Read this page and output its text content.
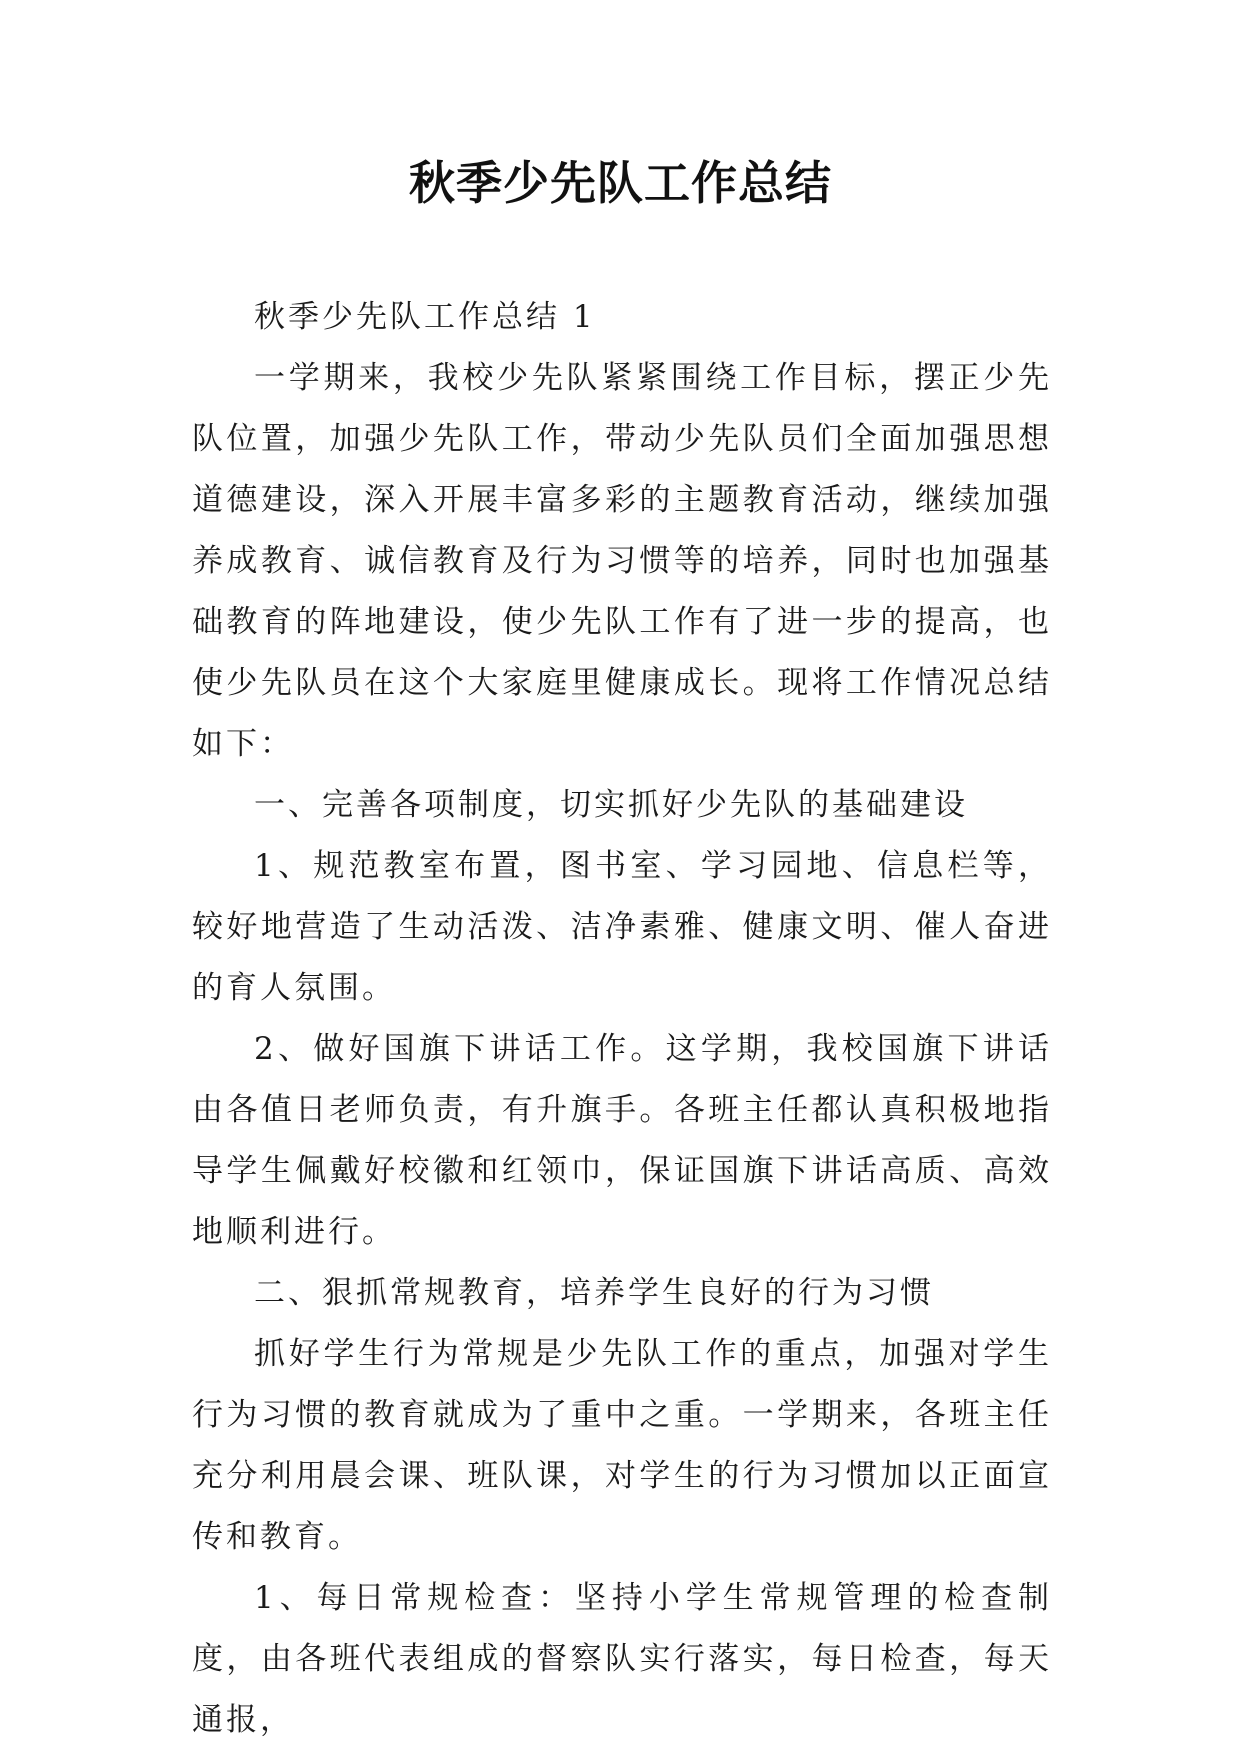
秋季少先队工作总结

秋季少先队工作总结 1

一学期来，我校少先队紧紧围绕工作目标，摆正少先队位置，加强少先队工作，带动少先队员们全面加强思想道德建设，深入开展丰富多彩的主题教育活动，继续加强养成教育、诚信教育及行为习惯等的培养，同时也加强基础教育的阵地建设，使少先队工作有了进一步的提高，也使少先队员在这个大家庭里健康成长。现将工作情况总结如下：

一、完善各项制度，切实抓好少先队的基础建设

1、规范教室布置，图书室、学习园地、信息栏等，较好地营造了生动活泼、洁净素雅、健康文明、催人奋进的育人氛围。

2、做好国旗下讲话工作。这学期，我校国旗下讲话由各值日老师负责，有升旗手。各班主任都认真积极地指导学生佩戴好校徽和红领巾，保证国旗下讲话高质、高效地顺利进行。

二、狠抓常规教育，培养学生良好的行为习惯

抓好学生行为常规是少先队工作的重点，加强对学生行为习惯的教育就成为了重中之重。一学期来，各班主任充分利用晨会课、班队课，对学生的行为习惯加以正面宣传和教育。

1、每日常规检查：坚持小学生常规管理的检查制度，由各班代表组成的督察队实行落实，每日检查，每天通报，
